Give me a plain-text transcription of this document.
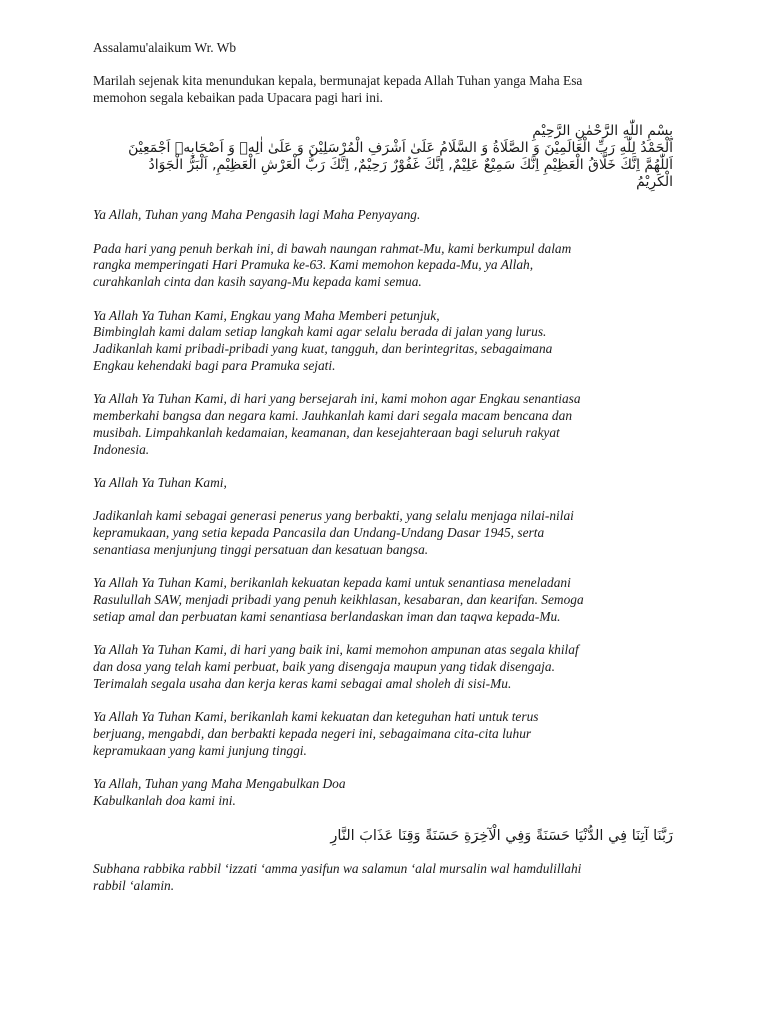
Assalamu'alaikum Wr. Wb

Marilah sejenak kita menundukan kepala, bermunajat kepada Allah Tuhan yanga Maha Esa
memohon segala kebaikan pada Upacara pagi hari ini.

بِسْمِ اللّٰهِ الرَّحْمٰنِ الرَّحِيْمِ

اَلْحَمْدُ لِلّٰهِ رَبِّ الْعَالَمِيْنَ وَ الصَّلَاةُ وَ السَّلَامُ عَلَىٰ اَشْرَفِ الْمُرْسَلِيْنَ وَ عَلَىٰ اٰلِهٖ وَ اَصْحَابِهٖ اَجْمَعِيْنَ

اَللّٰهُمَّ اِنَّكَ خَلَّاقُ الْعَظِيْمِ اِنَّكَ سَمِيْعٌ عَلِيْمٌ, اِنَّكَ غَفُوْرٌ رَحِيْمٌ, اِنَّكَ رَبُّ الْعَرْشِ الْعَظِيْمِ, اَلْبَرُّ الْجَوَادُ

الْكَرِيْمُ

Ya Allah, Tuhan yang Maha Pengasih lagi Maha Penyayang.

Pada hari yang penuh berkah ini, di bawah naungan rahmat-Mu, kami berkumpul dalam
rangka memperingati Hari Pramuka ke-63. Kami memohon kepada-Mu, ya Allah,
curahkanlah cinta dan kasih sayang-Mu kepada kami semua.

Ya Allah Ya Tuhan Kami, Engkau yang Maha Memberi petunjuk,
Bimbinglah kami dalam setiap langkah kami agar selalu berada di jalan yang lurus.
Jadikanlah kami pribadi-pribadi yang kuat, tangguh, dan berintegritas, sebagaimana
Engkau kehendaki bagi para Pramuka sejati.

Ya Allah Ya Tuhan Kami, di hari yang bersejarah ini, kami mohon agar Engkau senantiasa
memberkahi bangsa dan negara kami. Jauhkanlah kami dari segala macam bencana dan
musibah. Limpahkanlah kedamaian, keamanan, dan kesejahteraan bagi seluruh rakyat
Indonesia.

Ya Allah Ya Tuhan Kami,

Jadikanlah kami sebagai generasi penerus yang berbakti, yang selalu menjaga nilai-nilai
kepramukaan, yang setia kepada Pancasila dan Undang-Undang Dasar 1945, serta
senantiasa menjunjung tinggi persatuan dan kesatuan bangsa.

Ya Allah Ya Tuhan Kami, berikanlah kekuatan kepada kami untuk senantiasa meneladani
Rasulullah SAW, menjadi pribadi yang penuh keikhlasan, kesabaran, dan kearifan. Semoga
setiap amal dan perbuatan kami senantiasa berlandaskan iman dan taqwa kepada-Mu.

Ya Allah Ya Tuhan Kami, di hari yang baik ini, kami memohon ampunan atas segala khilaf
dan dosa yang telah kami perbuat, baik yang disengaja maupun yang tidak disengaja.
Terimalah segala usaha dan kerja keras kami sebagai amal sholeh di sisi-Mu.

Ya Allah Ya Tuhan Kami, berikanlah kami kekuatan dan keteguhan hati untuk terus
berjuang, mengabdi, dan berbakti kepada negeri ini, sebagaimana cita-cita luhur
kepramukaan yang kami junjung tinggi.

Ya Allah, Tuhan yang Maha Mengabulkan Doa
Kabulkanlah doa kami ini.

رَبَّنَا آتِنَا فِي الدُّنْيَا حَسَنَةً وَفِي الْآخِرَةِ حَسَنَةً وَقِنَا عَذَابَ النَّارِ

Subhana rabbika rabbil ‘izzati ‘amma yasifun wa salamun ‘alal mursalin wal hamdulillahi
rabbil ‘alamin.
